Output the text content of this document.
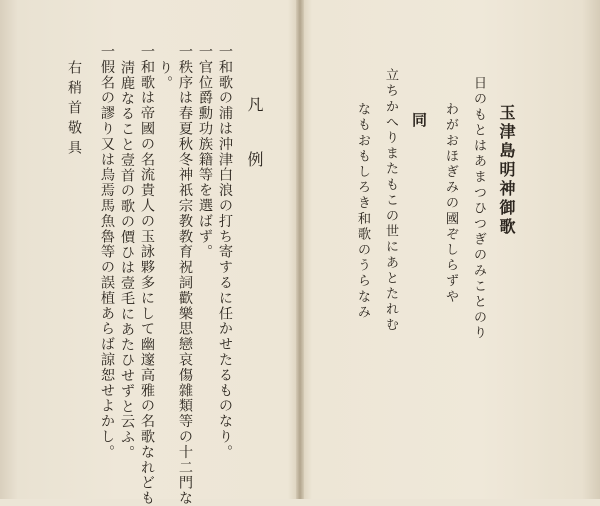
凡 例
一和歌の浦は沖津白浪の打ち寄するに任かせたるものなり。
一官位爵勳功族籍等を選ばず。
一秩序は春夏秋冬神祇宗教教育祝詞歡樂思戀哀傷雜類等の十二門な
り。
一和歌は帝國の名流貴人の玉詠夥多にして幽邃高雅の名歌なれども
淸鹿なること壹首の歌の價ひは壹毛にあたひせずと云ふ。
一假名の謬り又は烏焉馬魚魯等の誤植あらば諒恕せよかし。
右稍首敬具	玉津島明神御歌
日のもとはあまつひつぎのみことのり
わがおほぎみの國ぞしらずや
同
立ちかへりまたもこの世にあとたれむ
なもおもしろき和歌のうらなみ
